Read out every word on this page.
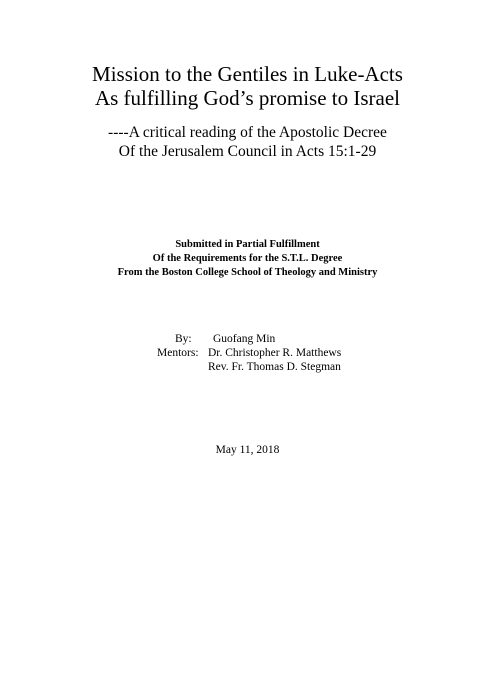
Mission to the Gentiles in Luke-Acts
As fulfilling God’s promise to Israel
----A critical reading of the Apostolic Decree
Of the Jerusalem Council in Acts 15:1-29
Submitted in Partial Fulfillment
Of the Requirements for the S.T.L. Degree
From the Boston College School of Theology and Ministry
By: Guofang Min
Mentors: Dr. Christopher R. Matthews
Rev. Fr. Thomas D. Stegman
May 11, 2018
